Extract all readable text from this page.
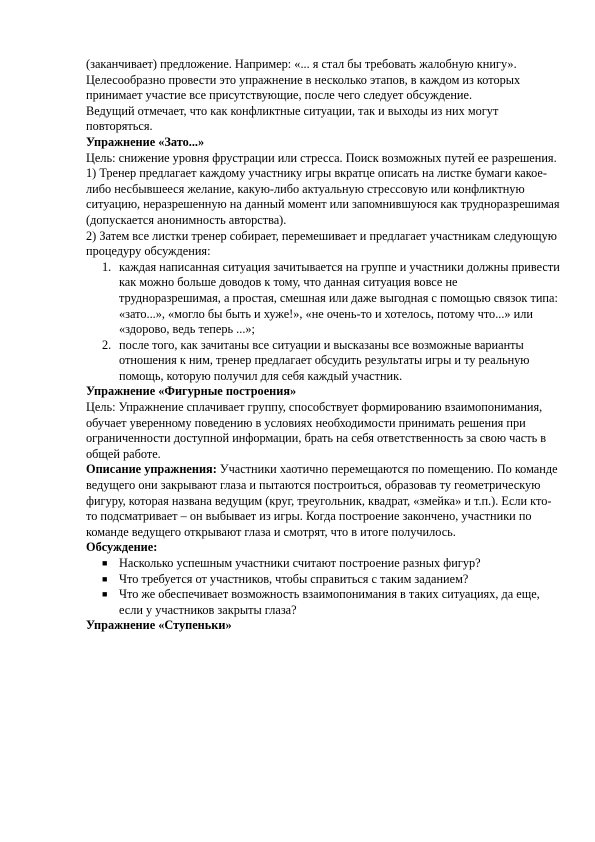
(заканчивает) предложение. Например: «... я стал бы требовать жалобную книгу».

Целесообразно провести это упражнение в несколько этапов, в каждом из которых принимает участие все присутствующие, после чего следует обсуждение.

Ведущий отмечает, что как конфликтные ситуации, так и выходы из них могут повторяться.

Упражнение «Зато...»

Цель: снижение уровня фрустрации или стресса. Поиск возможных путей ее разрешения.

1) Тренер предлагает каждому участнику игры вкратце описать на листке бумаги какое-либо несбывшееся желание, какую-либо актуальную стрессовую или конфликтную ситуацию, неразрешенную на данный момент или запомнившуюся как трудноразрешимая (допускается анонимность авторства).

2) Затем все листки тренер собирает, перемешивает и предлагает участникам следующую процедуру обсуждения:

1. каждая написанная ситуация зачитывается на группе и участники должны привести как можно больше доводов к тому, что данная ситуация вовсе не трудноразрешимая, а простая, смешная или даже выгодная с помощью связок типа: «зато...», «могло бы быть и хуже!», «не очень-то и хотелось, потому что...» или «здорово, ведь теперь ...»;
2. после того, как зачитаны все ситуации и высказаны все возможные варианты отношения к ним, тренер предлагает обсудить результаты игры и ту реальную помощь, которую получил для себя каждый участник.

Упражнение «Фигурные построения»

Цель: Упражнение сплачивает группу, способствует формированию взаимопонимания, обучает уверенному поведению в условиях необходимости принимать решения при ограниченности доступной информации, брать на себя ответственность за свою часть в общей работе.

Описание упражнения: Участники хаотично перемещаются по помещению. По команде ведущего они закрывают глаза и пытаются построиться, образовав ту геометрическую фигуру, которая названа ведущим (круг, треугольник, квадрат, «змейка» и т.п.). Если кто-то подсматривает – он выбывает из игры. Когда построение закончено, участники по команде ведущего открывают глаза и смотрят, что в итоге получилось.

Обсуждение:

■ Насколько успешным участники считают построение разных фигур?
■ Что требуется от участников, чтобы справиться с таким заданием?
■ Что же обеспечивает возможность взаимопонимания в таких ситуациях, да еще, если у участников закрыты глаза?

Упражнение «Ступеньки»
